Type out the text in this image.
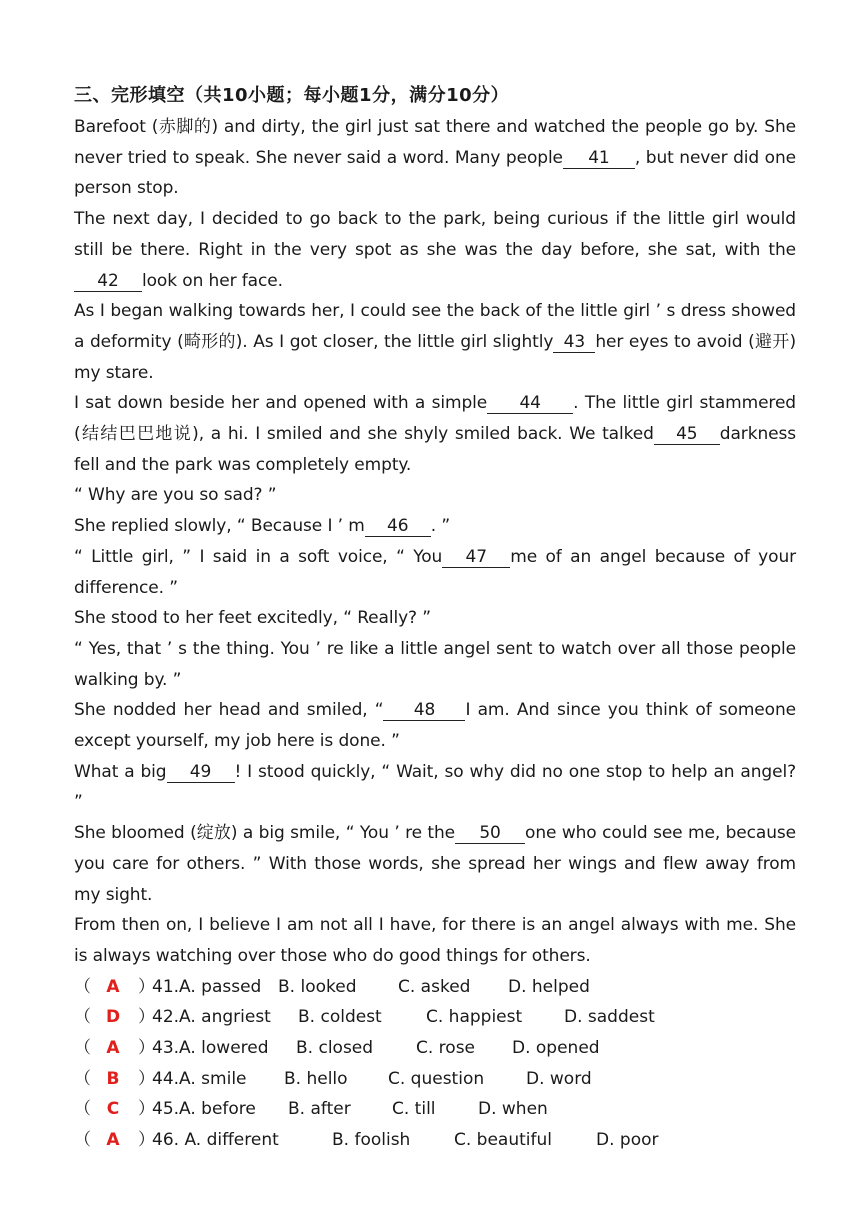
三、完形填空（共10小题；每小题1分，满分10分）

Barefoot (赤脚的) and dirty, the girl just sat there and watched the people go by. She never tried to speak. She never said a word. Many people 41 , but never did one person stop.

The next day, I decided to go back to the park, being curious if the little girl would still be there. Right in the very spot as she was the day before, she sat, with the42 look on her face.

As I began walking towards her, I could see the back of the little girl ’ s dress showed a deformity (畸形的). As I got closer, the little girl slightly 43 her eyes to avoid (避开) my stare.

I sat down beside her and opened with a simple 44 . The little girl stammered (结结巴巴地说), a hi. I smiled and she shyly smiled back. We talked 45 darkness fell and the park was completely empty.

“ Why are you so sad? ”

She replied slowly, “ Because I ’ m 46 . ”

“ Little girl, ” I said in a soft voice, “ You 47 me of an angel because of your difference. ”

She stood to her feet excitedly, “ Really? ”

“ Yes, that ’ s the thing. You ’ re like a little angel sent to watch over all those people walking by. ”

She nodded her head and smiled, “ 48 I am. And since you think of someone except yourself, my job here is done. ”

What a big 49 ! I stood quickly, “ Wait, so why did no one stop to help an angel? ”

She bloomed (绽放) a big smile, “ You ’ re the 50 one who could see me, because you care for others. ” With those words, she spread her wings and flew away from my sight.

From then on, I believe I am not all I have, for there is an angel always with me. She is always watching over those who do good things for others.

（ A	）
41.A. passed B. looked	C. asked	D. helped
（ D	）
42.A. angriest	B. coldest	C. happiest	D. saddest
（ A	）
43.A. lowered	B. closed	C. rose	D. opened
（ B	）
44.A. smile	B. hello	C. question	D. word
（ C	）
45.A. before	B. after	C. till	D. when
（ A	）
46. A. different	B. foolish	C. beautiful	D. poor
